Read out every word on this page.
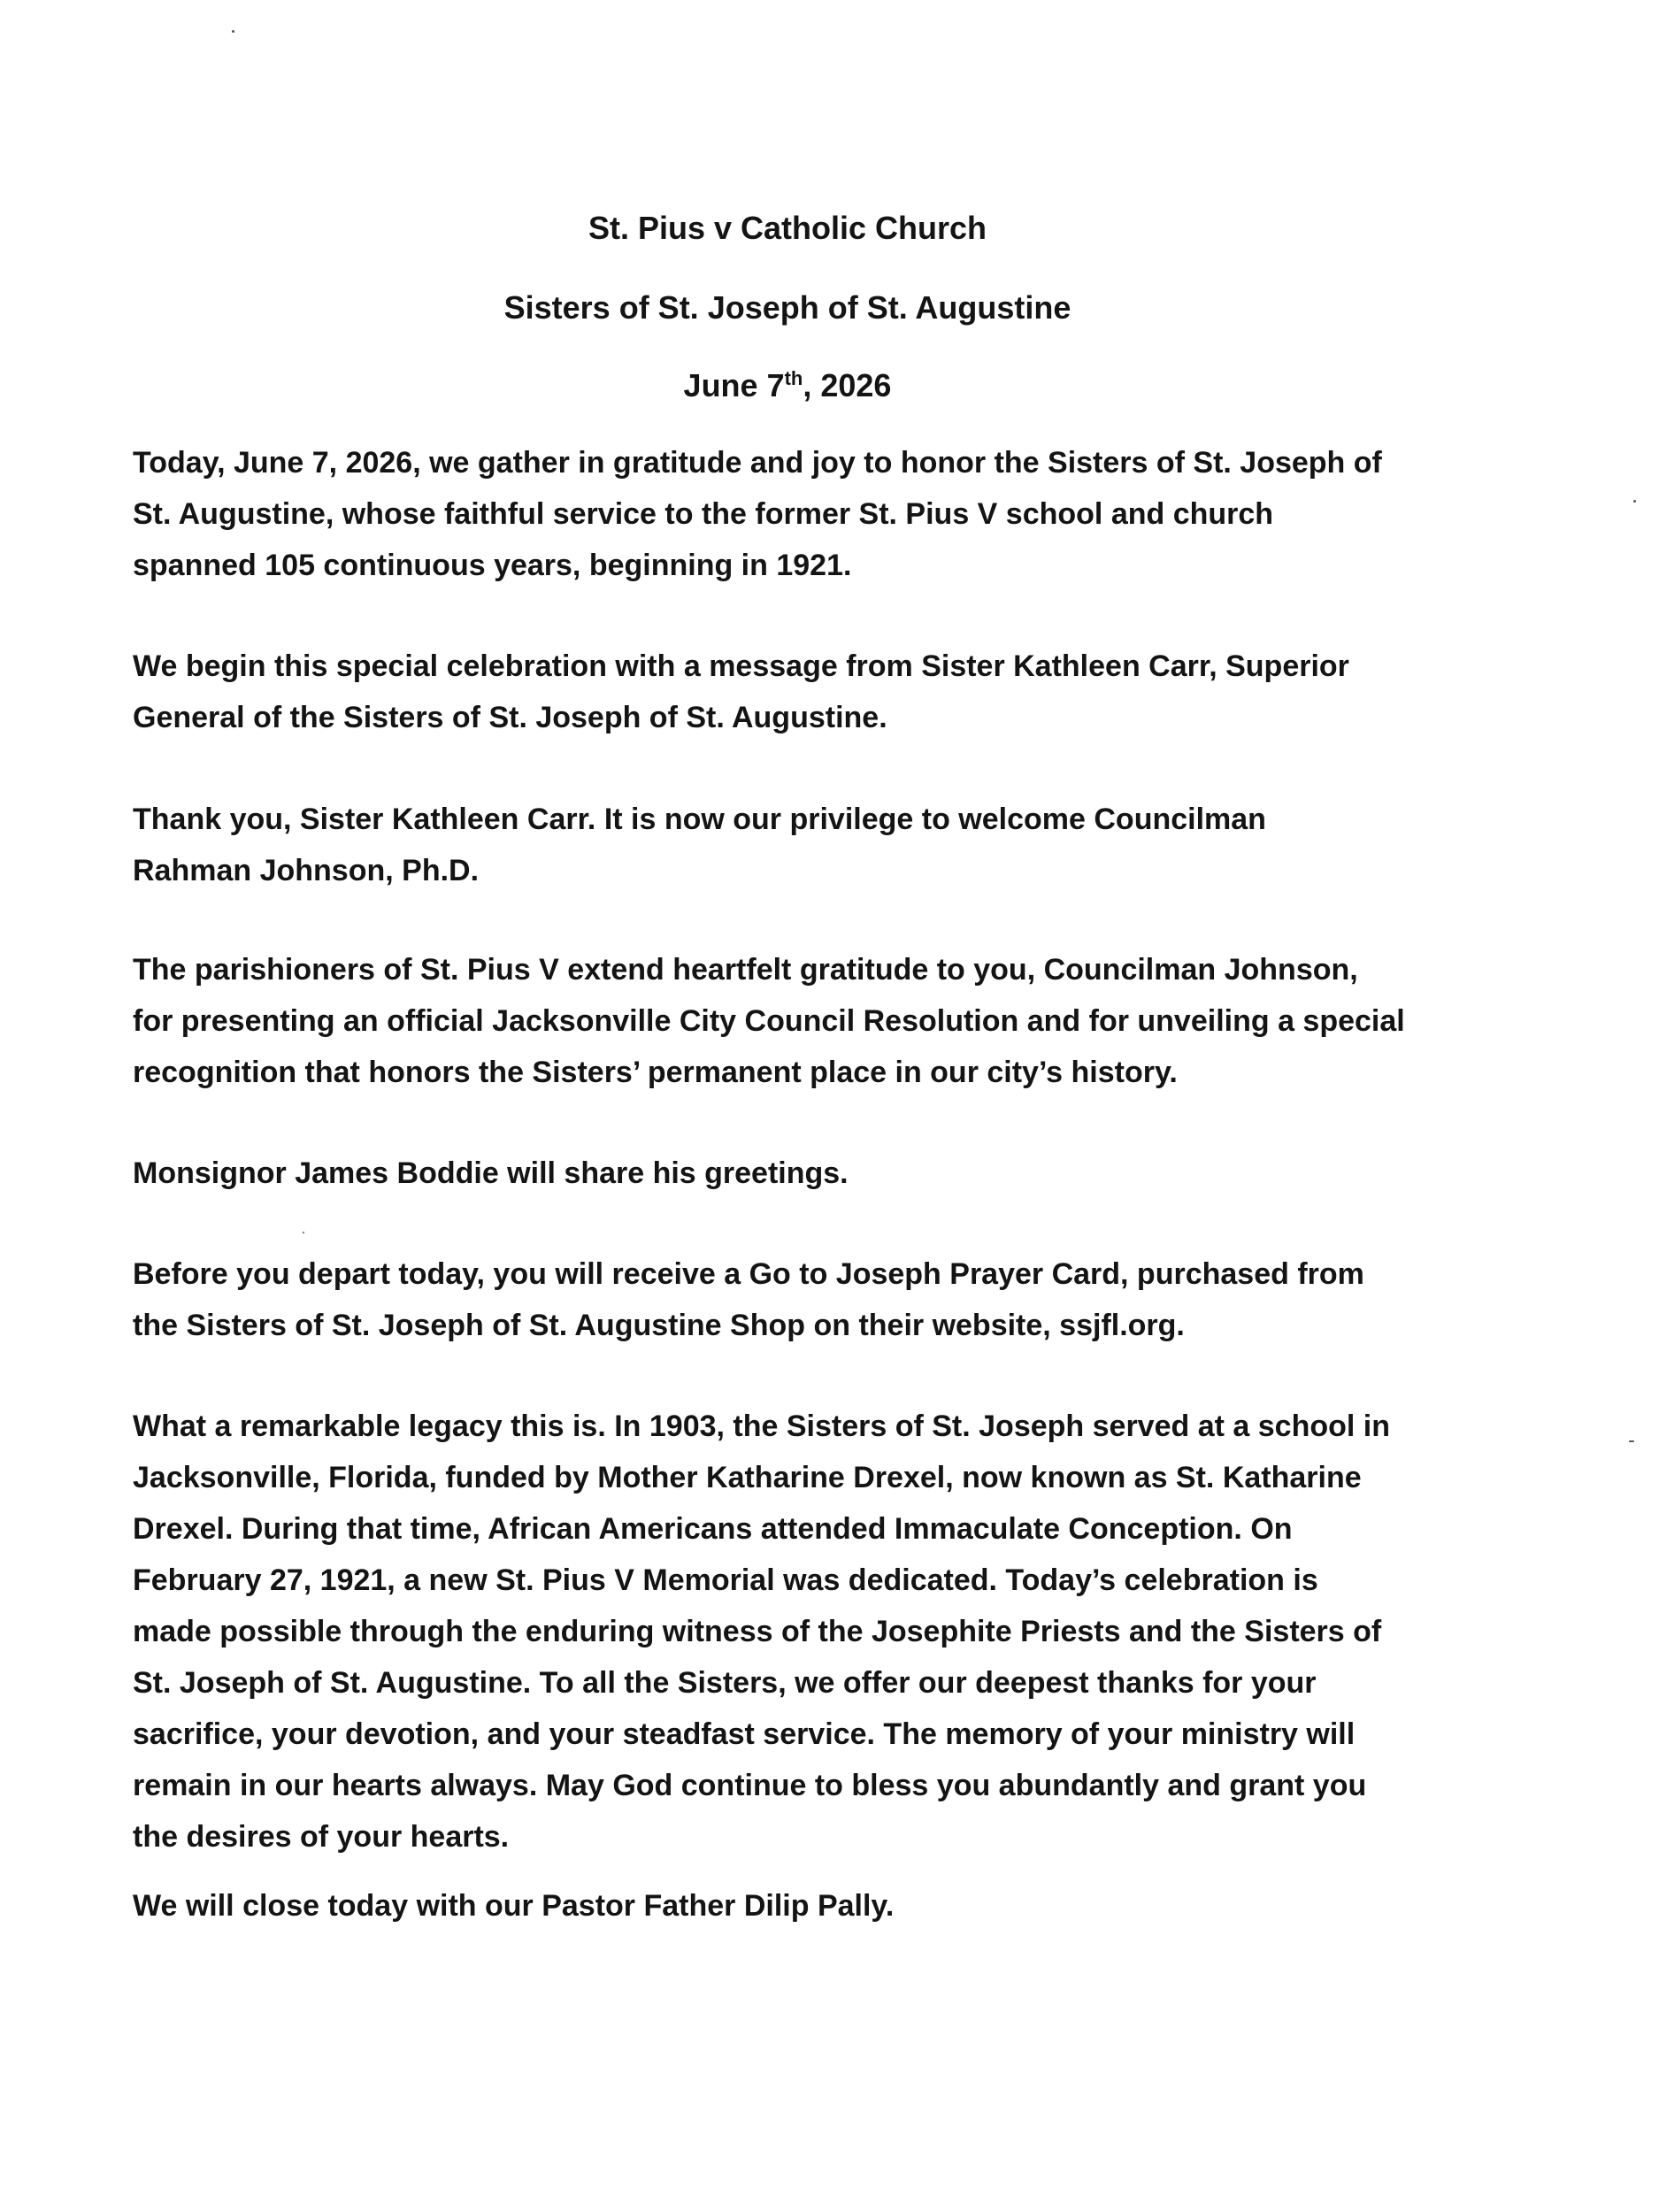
St. Pius v Catholic Church
Sisters of St. Joseph of St. Augustine
June 7th, 2026
Today, June 7, 2026, we gather in gratitude and joy to honor the Sisters of St. Joseph of
St. Augustine, whose faithful service to the former St. Pius V school and church
spanned 105 continuous years, beginning in 1921.
We begin this special celebration with a message from Sister Kathleen Carr, Superior
General of the Sisters of St. Joseph of St. Augustine.
Thank you, Sister Kathleen Carr. It is now our privilege to welcome Councilman
Rahman Johnson, Ph.D.
The parishioners of St. Pius V extend heartfelt gratitude to you, Councilman Johnson,
for presenting an official Jacksonville City Council Resolution and for unveiling a special
recognition that honors the Sisters’ permanent place in our city’s history.
Monsignor James Boddie will share his greetings.
Before you depart today, you will receive a Go to Joseph Prayer Card, purchased from
the Sisters of St. Joseph of St. Augustine Shop on their website, ssjfl.org.
What a remarkable legacy this is. In 1903, the Sisters of St. Joseph served at a school in
Jacksonville, Florida, funded by Mother Katharine Drexel, now known as St. Katharine
Drexel. During that time, African Americans attended Immaculate Conception. On
February 27, 1921, a new St. Pius V Memorial was dedicated. Today’s celebration is
made possible through the enduring witness of the Josephite Priests and the Sisters of
St. Joseph of St. Augustine. To all the Sisters, we offer our deepest thanks for your
sacrifice, your devotion, and your steadfast service. The memory of your ministry will
remain in our hearts always. May God continue to bless you abundantly and grant you
the desires of your hearts.
We will close today with our Pastor Father Dilip Pally.
